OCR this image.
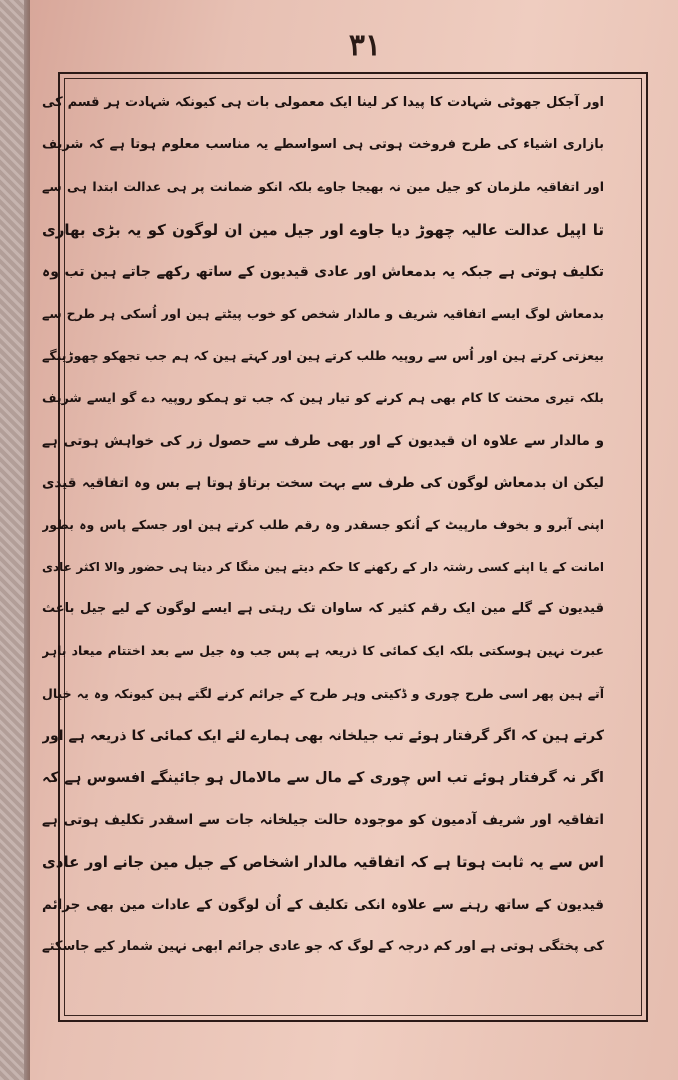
۳۱
اور آجکل جھوٹی شہادت کا پیدا کر لینا ایک معمولی بات ہی کیونکہ شہادت ہر قسم کی
بازاری اشیاء کی طرح فروخت ہوتی ہی اسواسطے یہ مناسب معلوم ہوتا ہے کہ شریف
اور اتفاقیہ ملزمان کو جیل مین نہ بھیجا جاوے بلکہ انکو ضمانت پر ہی عدالت ابتدا ہی سے
تا اپیل عدالت عالیہ چھوڑ دیا جاوے اور جیل مین ان لوگون کو یہ بڑی بھاری
تکلیف ہوتی ہے جبکہ یہ بدمعاش اور عادی قیدیون کے ساتھ رکھے جاتے ہین تب وہ
بدمعاش لوگ ایسے اتفاقیہ شریف و مالدار شخص کو خوب پیٹتے ہین اور اُسکی ہر طرح سے
بیعزتی کرتے ہین اور اُس سے روپیہ طلب کرتے ہین اور کہتے ہین کہ ہم جب تجھکو چھوڑینگے
بلکہ تیری محنت کا کام بھی ہم کرنے کو تیار ہین کہ جب تو ہمکو روپیہ دے گو ایسے شریف
و مالدار سے علاوہ ان قیدیون کے اور بھی طرف سے حصول زر کی خواہش ہوتی ہے
لیکن ان بدمعاش لوگون کی طرف سے بہت سخت برتاؤ ہوتا ہے بس وہ اتفاقیہ قیدی
اپنی آبرو و بخوف مارپیٹ کے اُنکو جسقدر وہ رقم طلب کرتے ہین اور جسکے پاس وہ بطور
امانت کے یا اپنے کسی رشتہ دار کے رکھنے کا حکم دیتے ہین منگا کر دیتا ہی حضور والا اکثر عادی
قیدیون کے گلے مین ایک رقم کثیر کہ ساوان تک رہتی ہے ایسے لوگون کے لیے جیل باعث
عبرت نہین ہوسکتی بلکہ ایک کمائی کا ذریعہ ہے پس جب وہ جیل سے بعد اختتام میعاد باہر
آتے ہین پھر اسی طرح چوری و ڈکیتی وہر طرح کے جرائم کرنے لگتے ہین کیونکہ وہ یہ خیال
کرتے ہین کہ اگر گرفتار ہوئے تب جیلخانہ بھی ہمارے لئے ایک کمائی کا ذریعہ ہے اور
اگر نہ گرفتار ہوئے تب اس چوری کے مال سے مالامال ہو جائینگے افسوس ہے کہ
اتفاقیہ اور شریف آدمیون کو موجودہ حالت جیلخانہ جات سے اسقدر تکلیف ہوتی ہے
اس سے یہ ثابت ہوتا ہے کہ اتفاقیہ مالدار اشخاص کے جیل مین جانے اور عادی
قیدیون کے ساتھ رہنے سے علاوہ انکی تکلیف کے اُن لوگون کے عادات مین بھی جرائم
کی پختگی ہوتی ہے اور کم درجہ کے لوگ کہ جو عادی جرائم ابھی نہین شمار کیے جاسکتے
